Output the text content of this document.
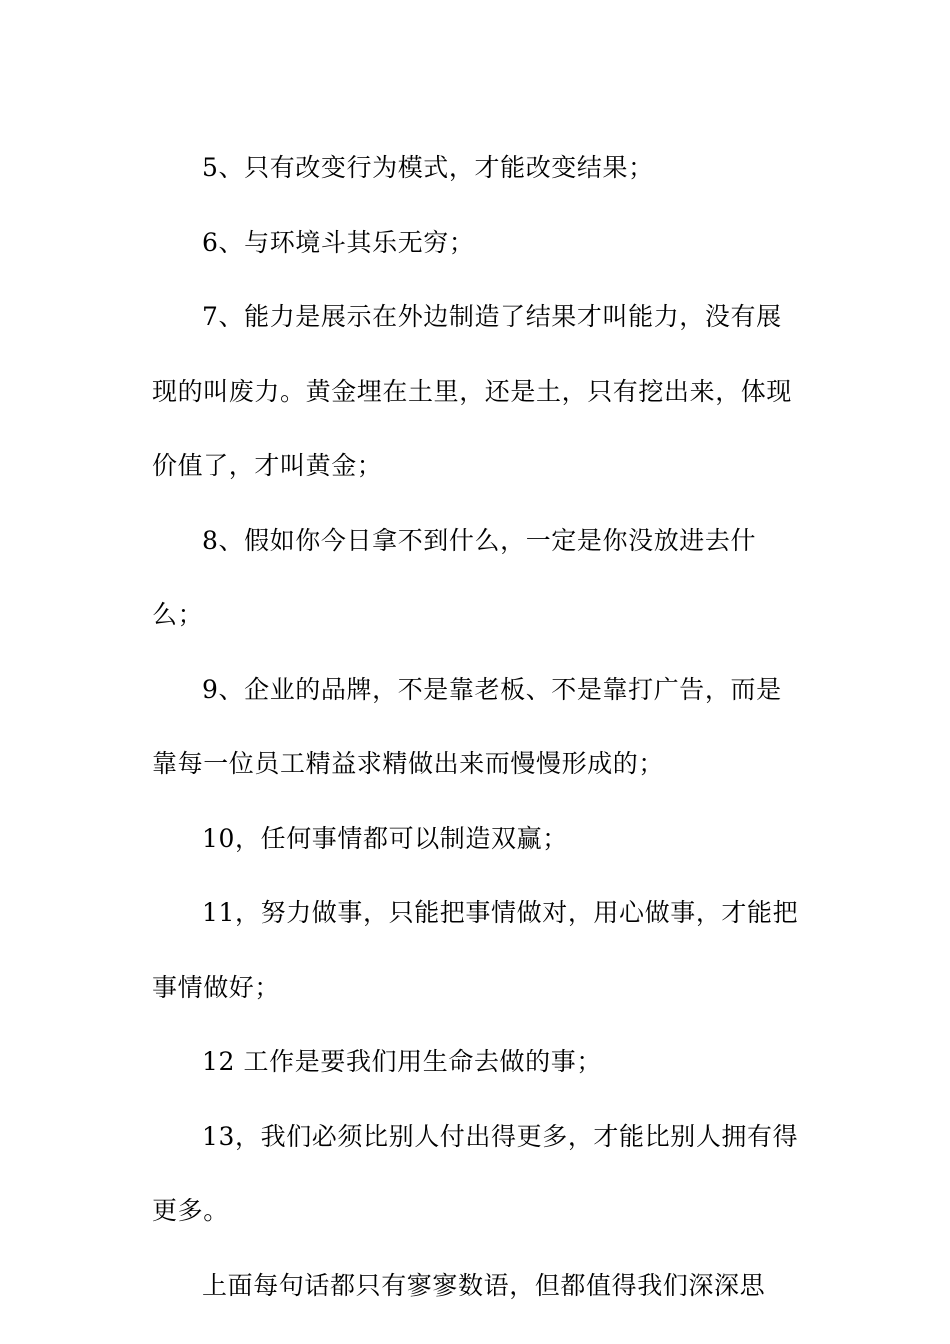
5、只有改变行为模式，才能改变结果；

6、与环境斗其乐无穷；

7、能力是展示在外边制造了结果才叫能力，没有展现的叫废力。黄金埋在土里，还是土，只有挖出来，体现价值了，才叫黄金；

8、假如你今日拿不到什么，一定是你没放进去什么；

9、企业的品牌，不是靠老板、不是靠打广告，而是靠每一位员工精益求精做出来而慢慢形成的；

10，任何事情都可以制造双赢；

11，努力做事，只能把事情做对，用心做事，才能把事情做好；

12 工作是要我们用生命去做的事；

13，我们必须比别人付出得更多，才能比别人拥有得更多。

上面每句话都只有寥寥数语，但都值得我们深深思
